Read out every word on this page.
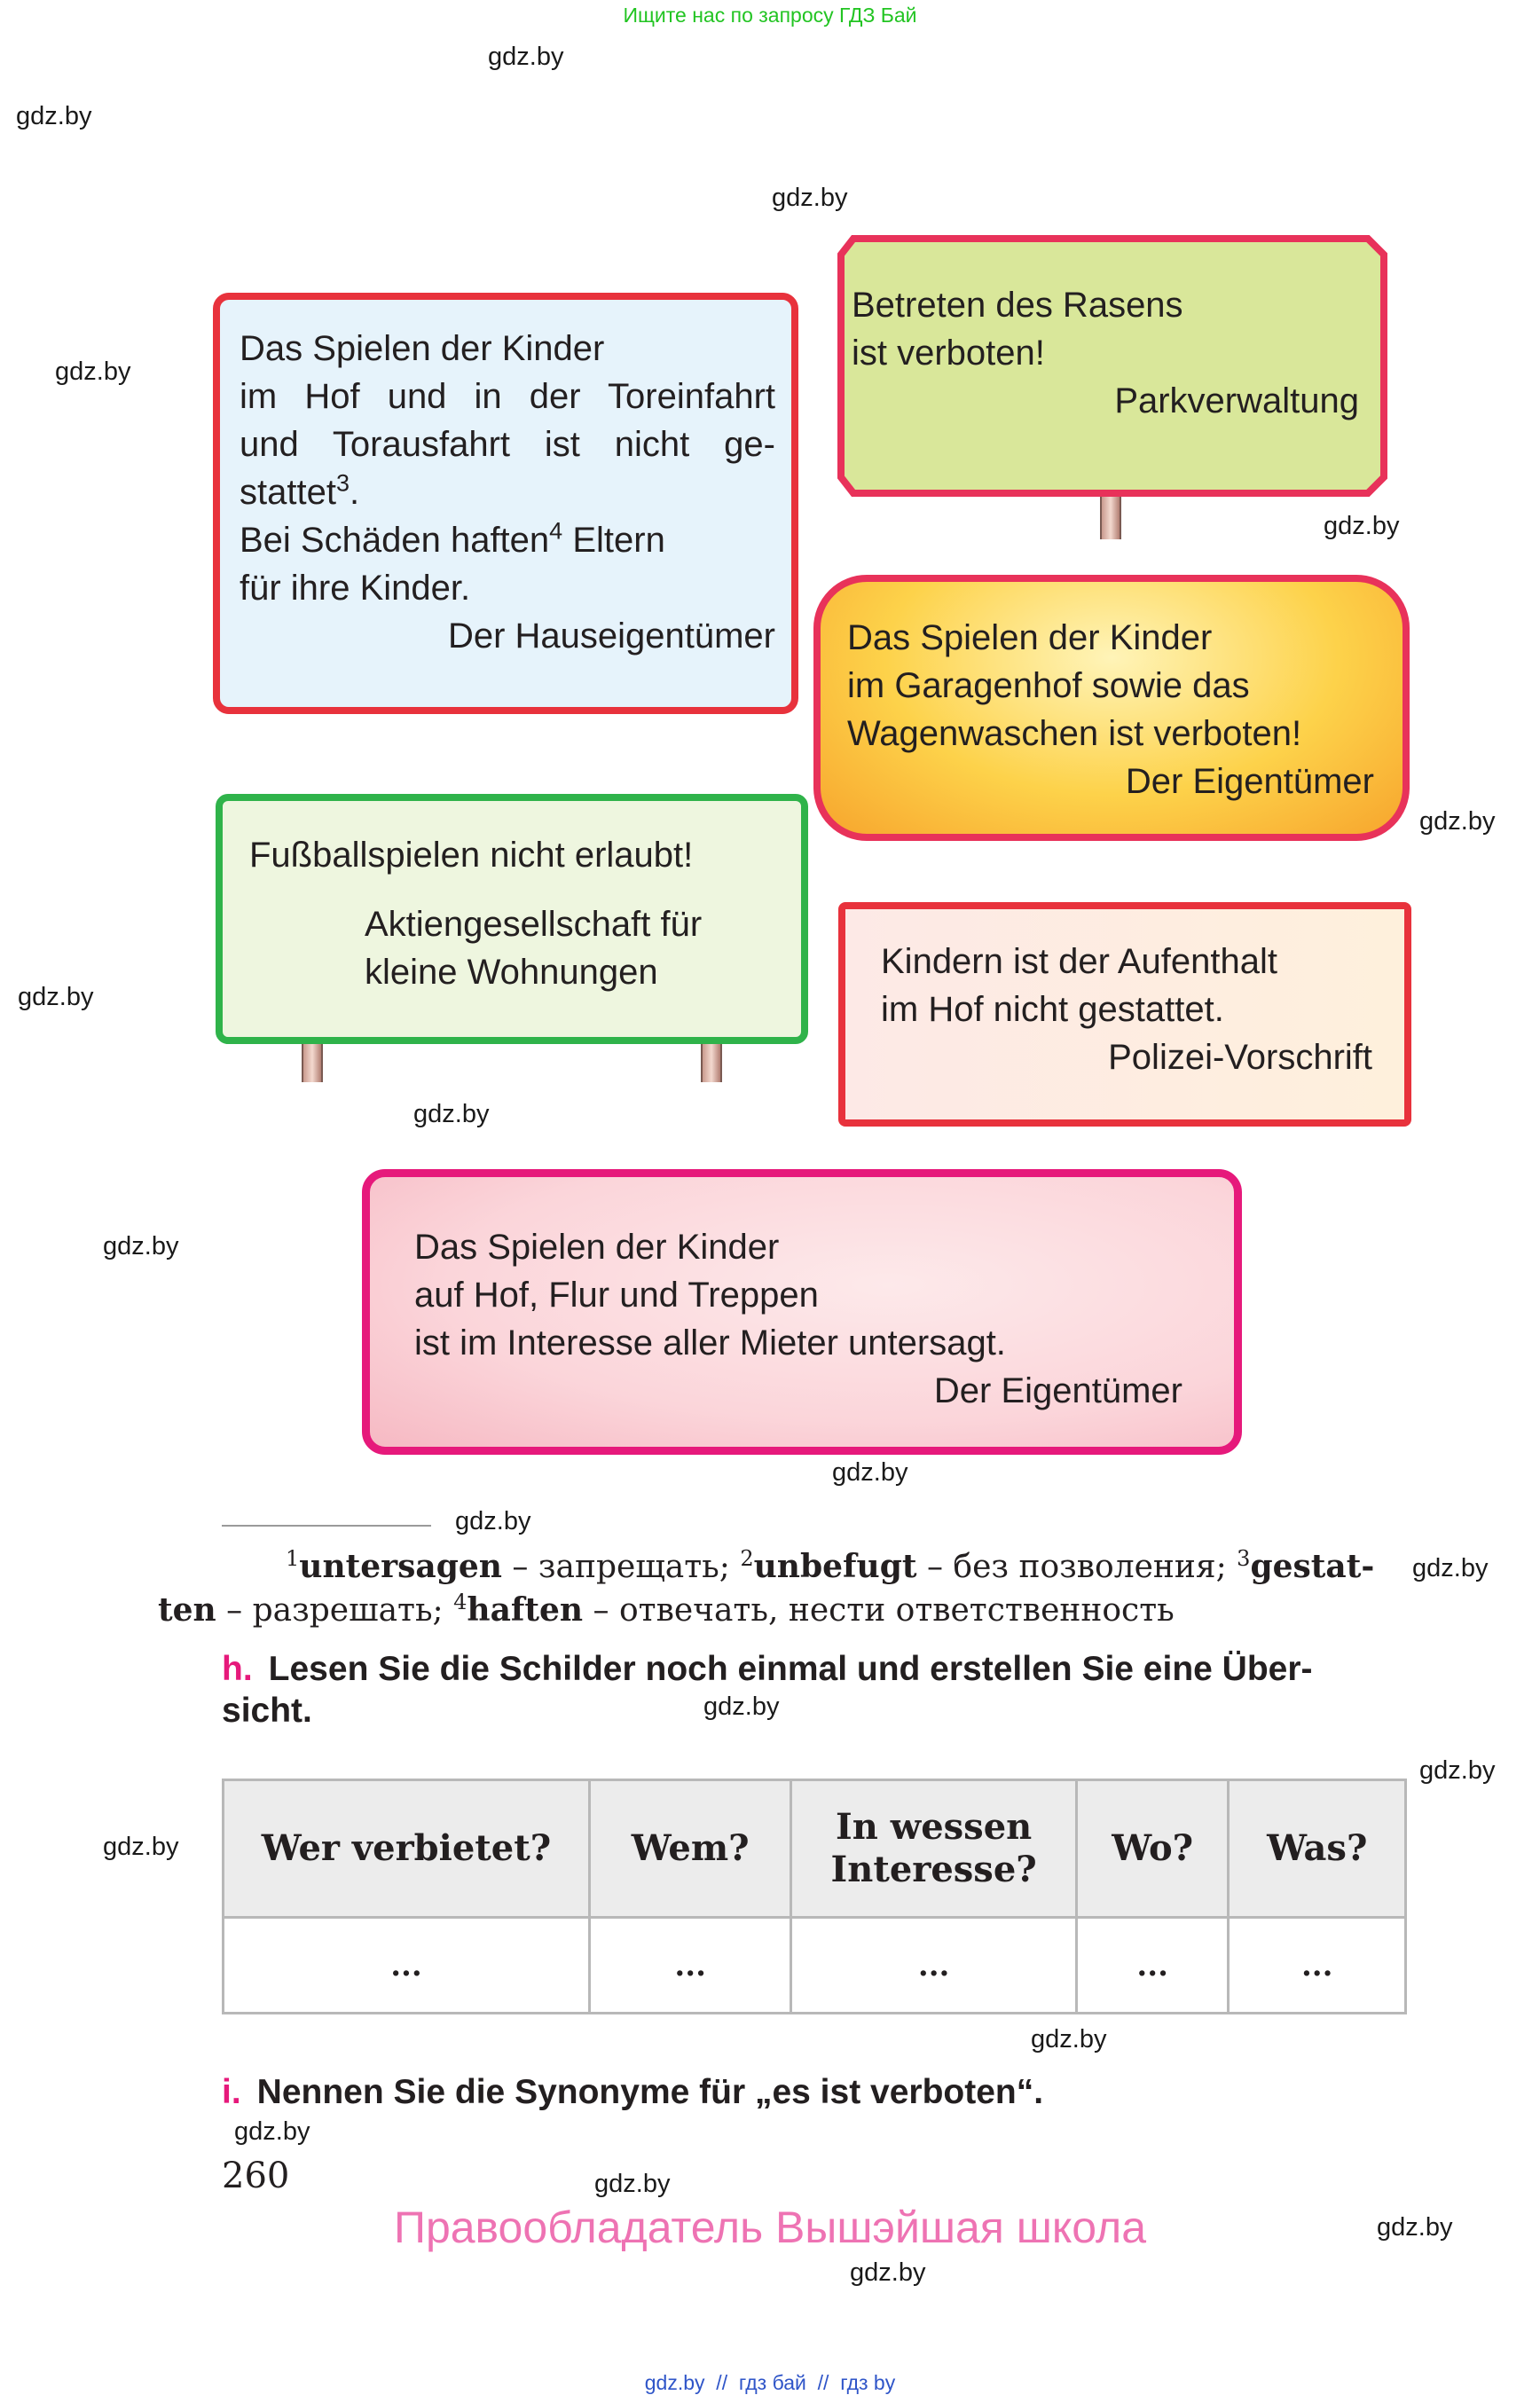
Ищите нас по запросу ГДЗ Бай
gdz.by
gdz.by
gdz.by
gdz.by
gdz.by
gdz.by
gdz.by
gdz.by
gdz.by
gdz.by
gdz.by
gdz.by
gdz.by
gdz.by
gdz.by
gdz.by
gdz.by
gdz.by
gdz.by
gdz.by

Das Spielen der Kinder

im Hof und in der Toreinfahrt

und Torausfahrt ist nicht ge-

stattet$^3$.

Bei Schäden haften$^4$ Eltern

für ihre Kinder.

Der Hauseigentümer

Betreten des Rasens

ist verboten!

Parkverwaltung

Das Spielen der Kinder

im Garagenhof sowie das

Wagenwaschen ist verboten!

Der Eigentümer

Fußballspielen nicht erlaubt!

Aktiengesellschaft für

kleine Wohnungen	Kindern ist der Aufenthalt

im Hof nicht gestattet.

Polizei-Vorschrift

Das Spielen der Kinder

auf Hof, Flur und Treppen

ist im Interesse aller Mieter untersagt.

Der Eigentümer

$^1$untersagen – запрещать; $^2$unbefugt – без позволения; $^3$gestat-
ten – разрешать; $^4$haften – отвечать, нести ответственность
h. Lesen Sie die Schilder noch einmal und erstellen Sie eine Über-
sicht.
Wer verbietet?	Wem?	In wessen
Interesse?	Wo?	Was?
...	...	...	...	...
i. Nennen Sie die Synonyme für „es ist verboten“.
260
Правообладатель Вышэйшая школа
gdz.by  //  гдз бай  //  гдз by
